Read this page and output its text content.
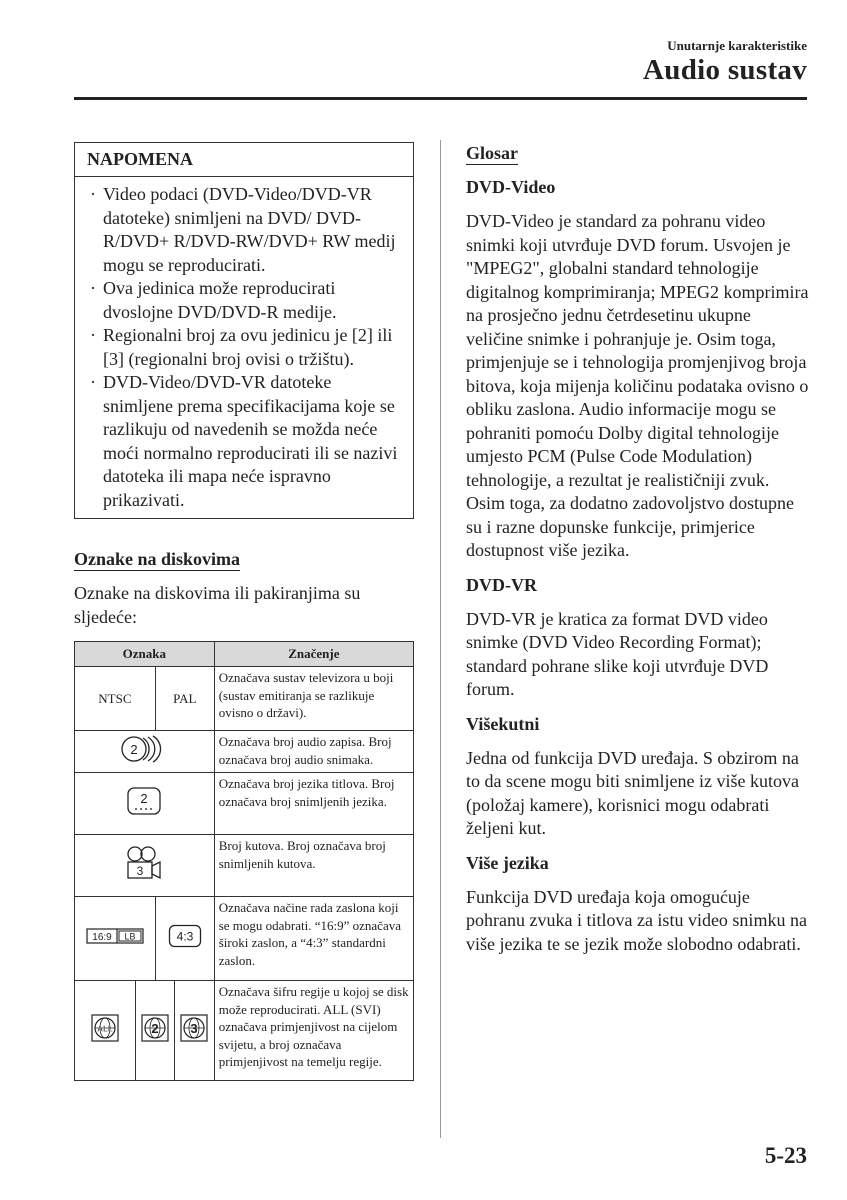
Unutarnje karakteristike
Audio sustav
NAPOMENA
· Video podaci (DVD-Video/DVD-VR datoteke) snimljeni na DVD/ DVD-R/DVD+ R/DVD-RW/DVD+ RW medij mogu se reproducirati.
· Ova jedinica može reproducirati dvoslojne DVD/DVD-R medije.
· Regionalni broj za ovu jedinicu je [2] ili [3] (regionalni broj ovisi o tržištu).
· DVD-Video/DVD-VR datoteke snimljene prema specifikacijama koje se razlikuju od navedenih se možda neće moći normalno reproducirati ili se nazivi datoteka ili mapa neće ispravno prikazivati.
Oznake na diskovima
Oznake na diskovima ili pakiranjima su sljedeće:
Oznaka				Značenje
NTSC		PAL		Označava sustav televizora u boji (sustav emitiranja se razlikuje ovisno o državi).

2				Označava broj audio zapisa. Broj označava broj audio snimaka.

2				Označava broj jezika titlova. Broj označava broj snimljenih jezika.

3				Broj kutova. Broj označava broj snimljenih kutova.

16:9 LB		4:3		Označava načine rada zaslona koji se mogu odabrati. “16:9” označava široki zaslon, a “4:3” standardni zaslon.

ALL	2		3	Označava šifru regije u kojoj se disk može reproducirati. ALL (SVI) označava primjenjivost na cijelom svijetu, a broj označava primjenjivost na temelju regije.
Glosar
DVD-Video
DVD-Video je standard za pohranu video snimki koji utvrđuje DVD forum. Usvojen je "MPEG2", globalni standard tehnologije digitalnog komprimiranja; MPEG2 komprimira na prosječno jednu četrdesetinu ukupne veličine snimke i pohranjuje je. Osim toga, primjenjuje se i tehnologija promjenjivog broja bitova, koja mijenja količinu podataka ovisno o obliku zaslona. Audio informacije mogu se pohraniti pomoću Dolby digital tehnologije umjesto PCM (Pulse Code Modulation) tehnologije, a rezultat je realističniji zvuk.
Osim toga, za dodatno zadovoljstvo dostupne su i razne dopunske funkcije, primjerice dostupnost više jezika.
DVD-VR
DVD-VR je kratica za format DVD video snimke (DVD Video Recording Format); standard pohrane slike koji utvrđuje DVD forum.
Višekutni
Jedna od funkcija DVD uređaja. S obzirom na to da scene mogu biti snimljene iz više kutova (položaj kamere), korisnici mogu odabrati željeni kut.
Više jezika
Funkcija DVD uređaja koja omogućuje pohranu zvuka i titlova za istu video snimku na više jezika te se jezik može slobodno odabrati.
5-23
